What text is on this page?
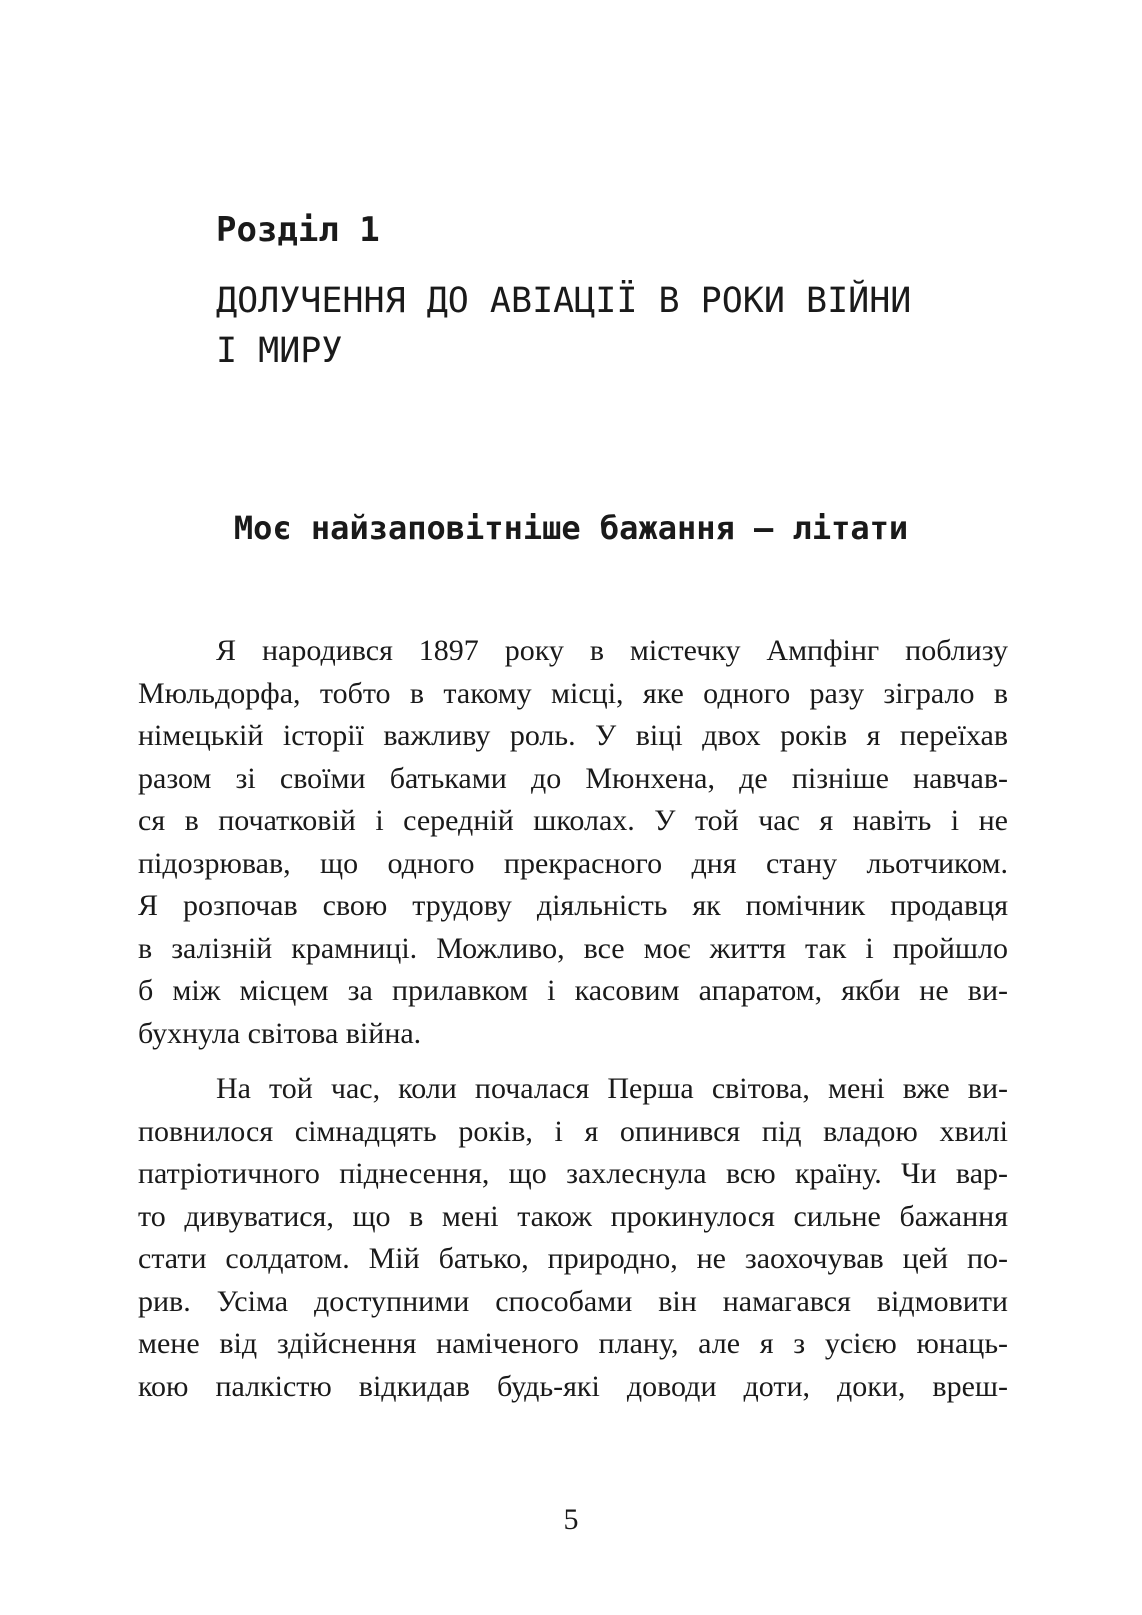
Розділ 1
ДОЛУЧЕННЯ ДО АВІАЦІЇ В РОКИ ВІЙНИ
І МИРУ
Моє найзаповітніше бажання — літати
Я народився 1897 року в містечку Ампфінг поблизу
Мюльдорфа, тобто в такому місці, яке одного разу зіграло в
німецькій історії важливу роль. У віці двох років я переїхав
разом зі своїми батьками до Мюнхена, де пізніше навчав-
ся в початковій і середній школах. У той час я навіть і не
підозрював, що одного прекрасного дня стану льотчиком.
Я розпочав свою трудову діяльність як помічник продавця
в залізній крамниці. Можливо, все моє життя так і пройшло
б між місцем за прилавком і касовим апаратом, якби не ви-
бухнула світова війна.
На той час, коли почалася Перша світова, мені вже ви-
повнилося сімнадцять років, і я опинився під владою хвилі
патріотичного піднесення, що захлеснула всю країну. Чи вар-
то дивуватися, що в мені також прокинулося сильне бажання
стати солдатом. Мій батько, природно, не заохочував цей по-
рив. Усіма доступними способами він намагався відмовити
мене від здійснення наміченого плану, але я з усією юнаць-
кою палкістю відкидав будь-які доводи доти, доки, вреш-
5
